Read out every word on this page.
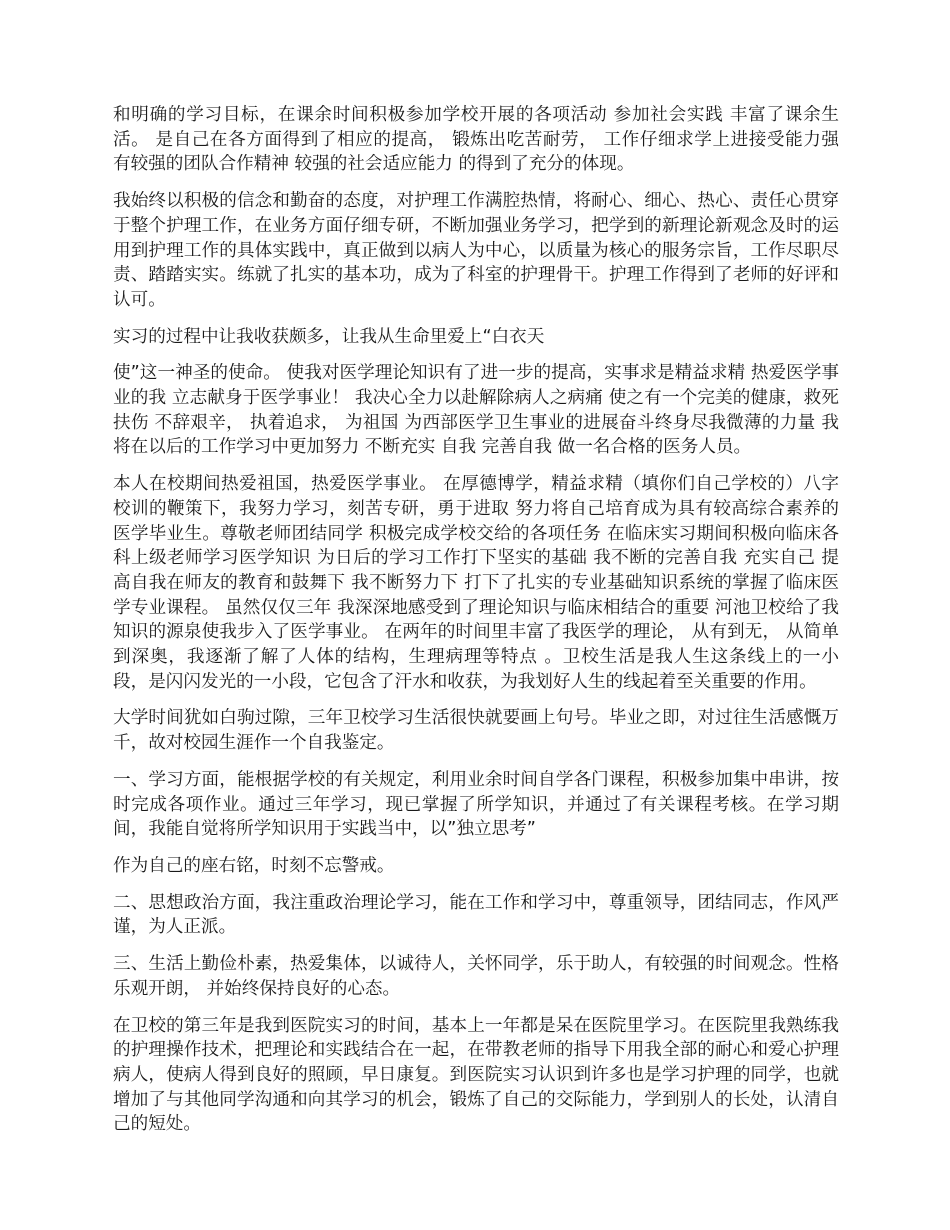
和明确的学习目标，在课余时间积极参加学校开展的各项活动 参加社会实践 丰富了课余生活。 是自己在各方面得到了相应的提高， 锻炼出吃苦耐劳， 工作仔细求学上进接受能力强 有较强的团队合作精神 较强的社会适应能力 的得到了充分的体现。

我始终以积极的信念和勤奋的态度，对护理工作满腔热情，将耐心、细心、热心、责任心贯穿于整个护理工作，在业务方面仔细专研，不断加强业务学习，把学到的新理论新观念及时的运用到护理工作的具体实践中，真正做到以病人为中心，以质量为核心的服务宗旨，工作尽职尽责、踏踏实实。练就了扎实的基本功，成为了科室的护理骨干。护理工作得到了老师的好评和认可。

实习的过程中让我收获颇多，让我从生命里爱上“白衣天

使”这一神圣的使命。 使我对医学理论知识有了进一步的提高，实事求是精益求精 热爱医学事业的我 立志献身于医学事业！ 我决心全力以赴解除病人之病痛 使之有一个完美的健康，救死扶伤 不辞艰辛， 执着追求， 为祖国 为西部医学卫生事业的进展奋斗终身尽我微薄的力量 我将在以后的工作学习中更加努力 不断充实 自我 完善自我 做一名合格的医务人员。

本人在校期间热爱祖国，热爱医学事业。 在厚德博学，精益求精（填你们自己学校的）八字校训的鞭策下，我努力学习，刻苦专研，勇于进取 努力将自己培育成为具有较高综合素养的医学毕业生。尊敬老师团结同学 积极完成学校交给的各项任务 在临床实习期间积极向临床各科上级老师学习医学知识 为日后的学习工作打下坚实的基础 我不断的完善自我 充实自己 提高自我在师友的教育和鼓舞下 我不断努力下 打下了扎实的专业基础知识系统的掌握了临床医学专业课程。 虽然仅仅三年 我深深地感受到了理论知识与临床相结合的重要 河池卫校给了我知识的源泉使我步入了医学事业。 在两年的时间里丰富了我医学的理论， 从有到无， 从简单到深奥，我逐渐了解了人体的结构，生理病理等特点 。卫校生活是我人生这条线上的一小段，是闪闪发光的一小段，它包含了汗水和收获，为我划好人生的线起着至关重要的作用。

大学时间犹如白驹过隙，三年卫校学习生活很快就要画上句号。毕业之即，对过往生活感慨万千，故对校园生涯作一个自我鉴定。

一、学习方面，能根据学校的有关规定，利用业余时间自学各门课程，积极参加集中串讲，按时完成各项作业。通过三年学习，现已掌握了所学知识，并通过了有关课程考核。在学习期间，我能自觉将所学知识用于实践当中，以”独立思考”

作为自己的座右铭，时刻不忘警戒。

二、思想政治方面，我注重政治理论学习，能在工作和学习中，尊重领导，团结同志，作风严谨，为人正派。

三、生活上勤俭朴素，热爱集体，以诚待人，关怀同学，乐于助人，有较强的时间观念。性格乐观开朗， 并始终保持良好的心态。

在卫校的第三年是我到医院实习的时间，基本上一年都是呆在医院里学习。在医院里我熟练我的护理操作技术，把理论和实践结合在一起，在带教老师的指导下用我全部的耐心和爱心护理病人，使病人得到良好的照顾，早日康复。到医院实习认识到许多也是学习护理的同学，也就增加了与其他同学沟通和向其学习的机会，锻炼了自己的交际能力，学到别人的长处，认清自己的短处。
